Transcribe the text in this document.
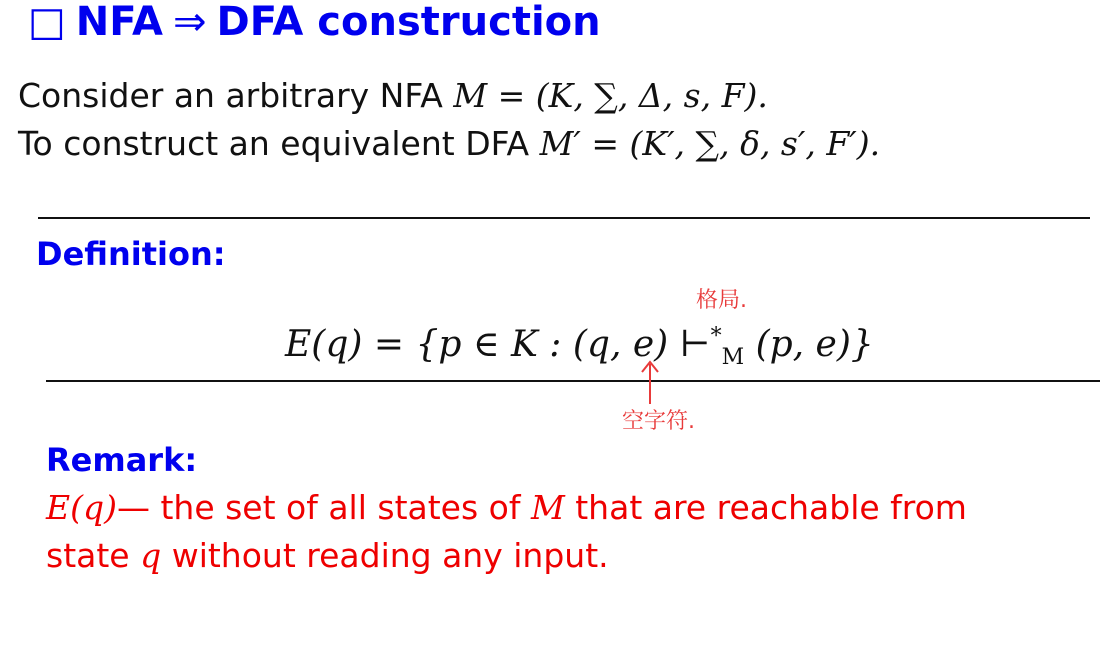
□ NFA ⇒ DFA construction
Consider an arbitrary NFA M = (K, ∑, Δ, s, F).
To construct an equivalent DFA M′ = (K′, ∑, δ, s′, F′).
Definition:
格局.
E(q) = {p ∈ K : (q, e) $⊢^*_M$ (p, e)}
空字符.
Remark:
E(q)— the set of all states of M that are reachable from
state q without reading any input.
